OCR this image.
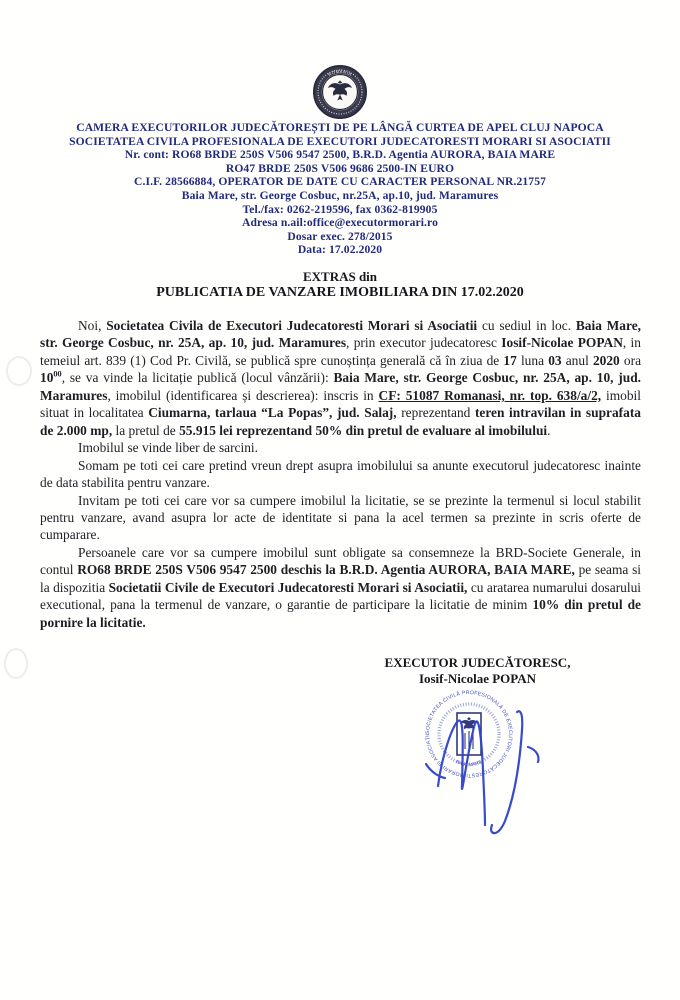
ROMÂNIA
CAMERA EXECUTORILOR JUDECĂTOREȘTI DE PE LÂNGĂ CURTEA DE APEL CLUJ NAPOCA
SOCIETATEA CIVILA PROFESIONALA DE EXECUTORI JUDECATORESTI MORARI SI ASOCIATII
Nr. cont: RO68 BRDE 250S V506 9547 2500, B.R.D. Agentia AURORA, BAIA MARE
RO47 BRDE 250S V506 9686 2500-IN EURO
C.I.F. 28566884, OPERATOR DE DATE CU CARACTER PERSONAL NR.21757
Baia Mare, str. George Cosbuc, nr.25A, ap.10, jud. Maramures
Tel./fax: 0262-219596, fax 0362-819905
Adresa n.ail:office@executormorari.ro
Dosar exec. 278/2015
Data: 17.02.2020
EXTRAS din
PUBLICATIA DE VANZARE IMOBILIARA DIN 17.02.2020

Noi, Societatea Civila de Executori Judecatoresti Morari si Asociatii cu sediul in loc. Baia Mare, str. George Cosbuc, nr. 25A, ap. 10, jud. Maramures, prin executor judecatoresc Iosif-Nicolae POPAN, in temeiul art. 839 (1) Cod Pr. Civilă, se publică spre cunoștința generală că în ziua de 17 luna 03 anul 2020 ora $10^{00}$, se va vinde la licitație publică (locul vânzării): Baia Mare, str. George Cosbuc, nr. 25A, ap. 10, jud. Maramures, imobilul (identificarea și descrierea): inscris in CF: 51087 Romanasi, nr. top. 638/a/2, imobil situat in localitatea Ciumarna, tarlaua “La Popas”, jud. Salaj, reprezentand teren intravilan in suprafata de 2.000 mp, la pretul de 55.915 lei reprezentand 50% din pretul de evaluare al imobilului.

Imobilul se vinde liber de sarcini.

Somam pe toti cei care pretind vreun drept asupra imobilului sa anunte executorul judecatoresc inainte de data stabilita pentru vanzare.

Invitam pe toti cei care vor sa cumpere imobilul la licitatie, se se prezinte la termenul si locul stabilit pentru vanzare, avand asupra lor acte de identitate si pana la acel termen sa prezinte in scris oferte de cumparare.

Persoanele care vor sa cumpere imobilul sunt obligate sa consemneze la BRD-Societe Generale, in contul RO68 BRDE 250S V506 9547 2500 deschis la B.R.D. Agentia AURORA, BAIA MARE, pe seama si la dispozitia Societatii Civile de Executori Judecatoresti Morari si Asociatii, cu aratarea numarului dosarului executional, pana la termenul de vanzare, o garantie de participare la licitatie de minim 10% din pretul de pornire la licitatie.

EXECUTOR JUDECĂTORESC,
Iosif-Nicolae POPAN
SOCIETATEA CIVILĂ PROFESIONALĂ DE EXECUTORI JUDECĂTOREȘTI MORARI ȘI ASOCIAȚII
BAIA MARE
